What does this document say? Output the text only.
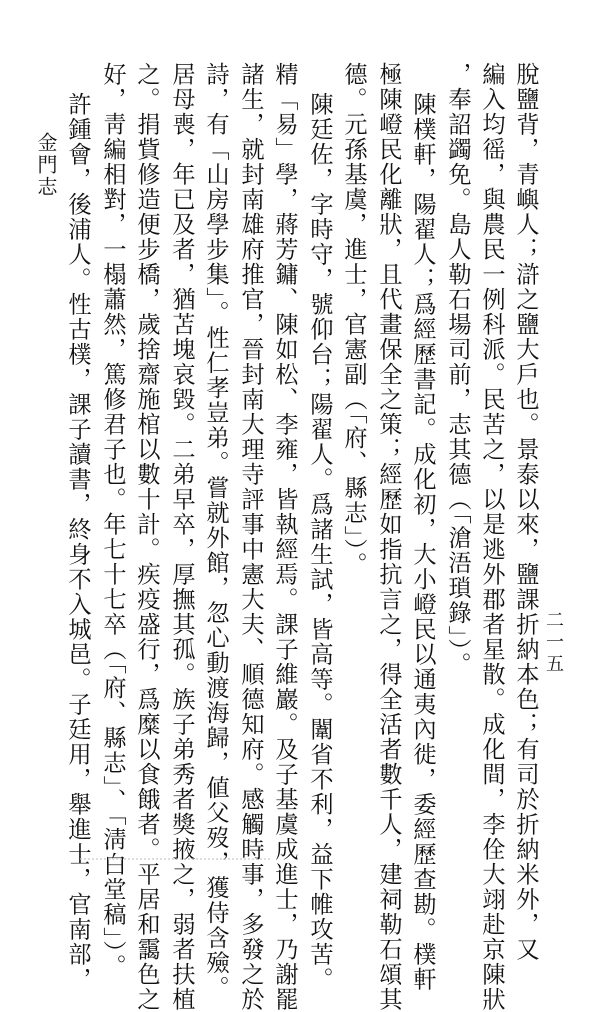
脫鹽背，青嶼人；滸之鹽大戶也。景泰以來，鹽課折納本色；有司於折納米外，又
編入均徭，與農民一例科派。民苦之，以是逃外郡者星散。成化間，李佺大翊赴京陳狀
，奉詔蠲免。島人勒石場司前，志其德（「滄浯瑣錄」）。
陳樸軒，陽翟人；爲經歷書記。成化初，大小嶝民以通夷內徙，委經歷查勘。樸軒
極陳嶝民化離狀，且代畫保全之策；經歷如指抗言之，得全活者數千人，建祠勒石頌其
德。元孫基虞，進士，官憲副（「府、縣志」）。
陳廷佐，字時守，號仰台；陽翟人。爲諸生試，皆高等。闈省不利，益下帷攻苦。
精「易」學，蔣芳鏞、陳如松、李雍，皆執經焉。課子維巖。及子基虞成進士，乃謝罷
諸生，就封南雄府推官，晉封南大理寺評事中憲大夫、順德知府。感觸時事，多發之於
詩，有「山房學步集」。性仁孝豈弟。嘗就外館，忽心動渡海歸，値父歿，獲侍含殮。
居母喪，年已及者，猶苫塊哀毀。二弟早卒，厚撫其孤。族子弟秀者獎掖之，弱者扶植
之。捐貲修造便步橋，歲捨齋施棺以數十計。疾疫盛行，爲糜以食餓者。平居和靄色之
好，靑編相對，一榻蕭然，篤修君子也。年七十七卒（「府、縣志」、「淸白堂稿」）。
許鍾會，後浦人。性古樸，課子讀書，終身不入城邑。子廷用，舉進士，官南部，
金門志
二一五
